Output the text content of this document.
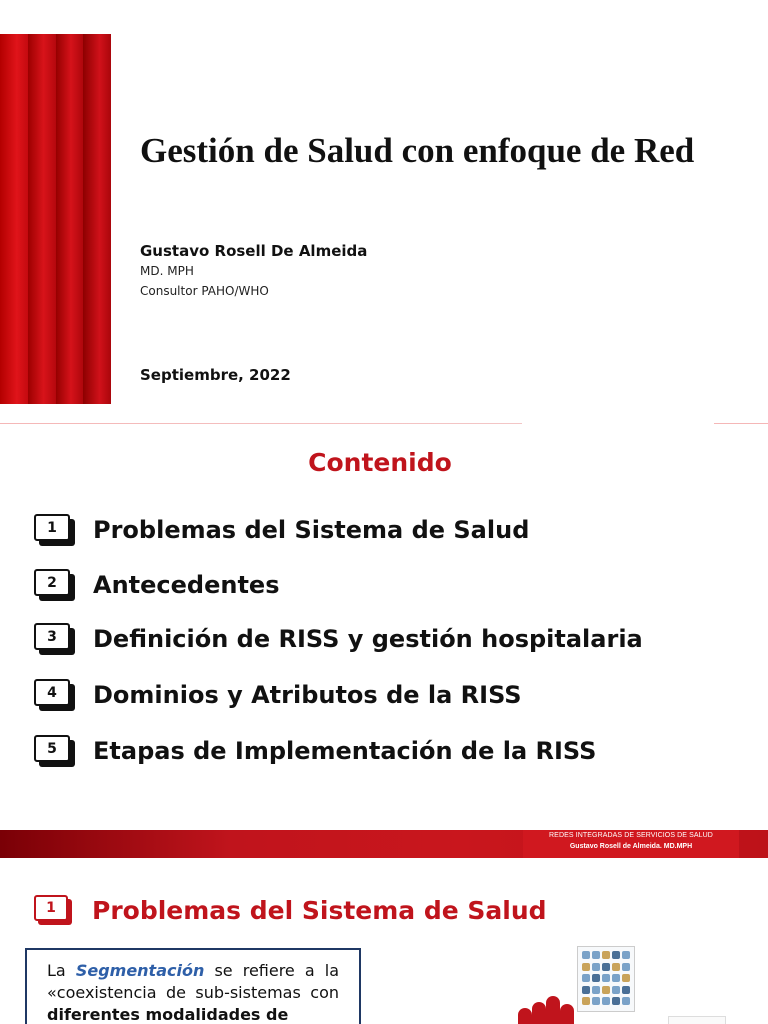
Gestión de Salud con enfoque de Red
Gustavo Rosell De Almeida
MD. MPH
Consultor PAHO/WHO
Septiembre, 2022
Contenido
1	Problemas del Sistema de Salud
2	Antecedentes
3	Definición de RISS y gestión hospitalaria
4	Dominios y Atributos de la RISS
5	Etapas de Implementación de la RISS
REDES INTEGRADAS DE SERVICIOS DE SALUD
Gustavo Rosell de Almeida. MD.MPH
1	Problemas del Sistema de Salud
La Segmentación se refiere a la «coexistencia de sub-sistemas con diferentes modalidades de
